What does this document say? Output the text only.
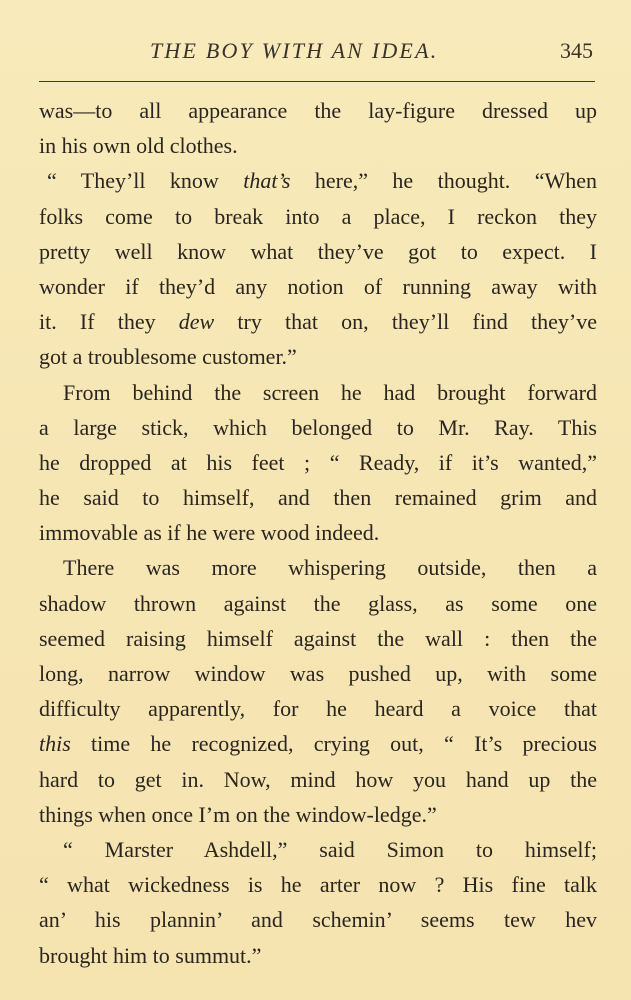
THE BOY WITH AN IDEA.	345
was—to all appearance the lay-figure dressed up
in his own old clothes.
“ They’ll know that’s here,” he thought. “When
folks come to break into a place, I reckon they
pretty well know what they’ve got to expect. I
wonder if they’d any notion of running away with
it. If they dew try that on, they’ll find they’ve
got a troublesome customer.”
From behind the screen he had brought forward
a large stick, which belonged to Mr. Ray. This
he dropped at his feet ; “ Ready, if it’s wanted,”
he said to himself, and then remained grim and
immovable as if he were wood indeed.
There was more whispering outside, then a
shadow thrown against the glass, as some one
seemed raising himself against the wall : then the
long, narrow window was pushed up, with some
difficulty apparently, for he heard a voice that
this time he recognized, crying out, “ It’s precious
hard to get in. Now, mind how you hand up the
things when once I’m on the window-ledge.”
“ Marster Ashdell,” said Simon to himself;
“ what wickedness is he arter now ? His fine talk
an’ his plannin’ and schemin’ seems tew hev
brought him to summut.”
